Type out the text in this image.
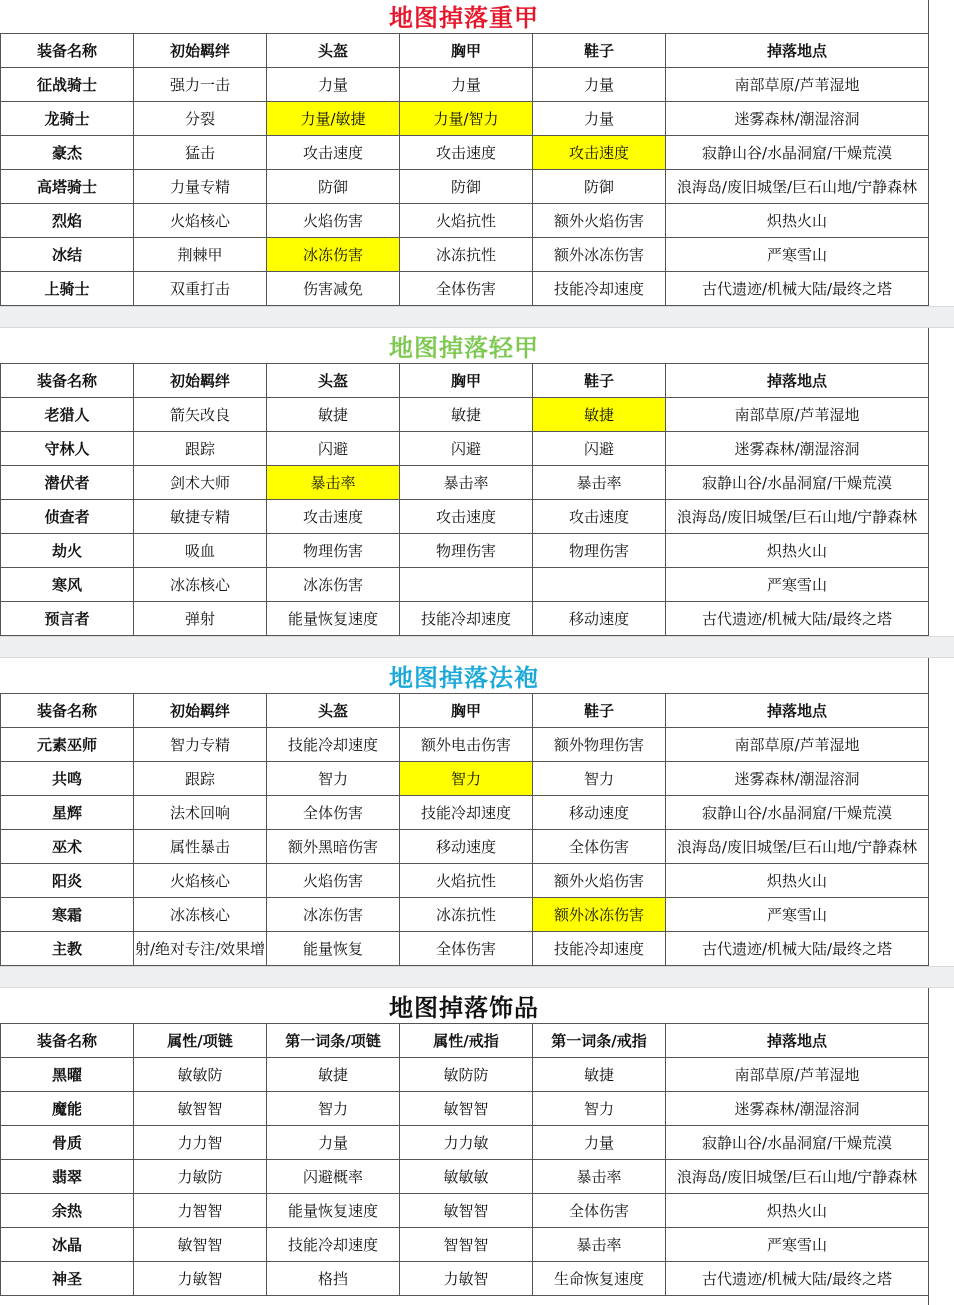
地图掉落重甲
装备名称	初始羁绊	头盔	胸甲	鞋子	掉落地点
征战骑士	强力一击	力量	力量	力量	南部草原/芦苇湿地
龙骑士	分裂	力量/敏捷	力量/智力	力量	迷雾森林/潮湿溶洞
豪杰	猛击	攻击速度	攻击速度	攻击速度	寂静山谷/水晶洞窟/干燥荒漠
高塔骑士	力量专精	防御	防御	防御	浪海岛/废旧城堡/巨石山地/宁静森林
烈焰	火焰核心	火焰伤害	火焰抗性	额外火焰伤害	炽热火山
冰结	荆棘甲	冰冻伤害	冰冻抗性	额外冰冻伤害	严寒雪山
上骑士	双重打击	伤害减免	全体伤害	技能冷却速度	古代遗迹/机械大陆/最终之塔
地图掉落轻甲
装备名称	初始羁绊	头盔	胸甲	鞋子	掉落地点
老猎人	箭矢改良	敏捷	敏捷	敏捷	南部草原/芦苇湿地
守林人	跟踪	闪避	闪避	闪避	迷雾森林/潮湿溶洞
潜伏者	剑术大师	暴击率	暴击率	暴击率	寂静山谷/水晶洞窟/干燥荒漠
侦查者	敏捷专精	攻击速度	攻击速度	攻击速度	浪海岛/废旧城堡/巨石山地/宁静森林
劫火	吸血	物理伤害	物理伤害	物理伤害	炽热火山
寒风	冰冻核心	冰冻伤害			严寒雪山
预言者	弹射	能量恢复速度	技能冷却速度	移动速度	古代遗迹/机械大陆/最终之塔
地图掉落法袍
装备名称	初始羁绊	头盔	胸甲	鞋子	掉落地点
元素巫师	智力专精	技能冷却速度	额外电击伤害	额外物理伤害	南部草原/芦苇湿地
共鸣	跟踪	智力	智力	智力	迷雾森林/潮湿溶洞
星辉	法术回响	全体伤害	技能冷却速度	移动速度	寂静山谷/水晶洞窟/干燥荒漠
巫术	属性暴击	额外黑暗伤害	移动速度	全体伤害	浪海岛/废旧城堡/巨石山地/宁静森林
阳炎	火焰核心	火焰伤害	火焰抗性	额外火焰伤害	炽热火山
寒霜	冰冻核心	冰冻伤害	冰冻抗性	额外冰冻伤害	严寒雪山
主教	射/绝对专注/效果增	能量恢复	全体伤害	技能冷却速度	古代遗迹/机械大陆/最终之塔
地图掉落饰品
装备名称	属性/项链	第一词条/项链	属性/戒指	第一词条/戒指	掉落地点
黑曜	敏敏防	敏捷	敏防防	敏捷	南部草原/芦苇湿地
魔能	敏智智	智力	敏智智	智力	迷雾森林/潮湿溶洞
骨质	力力智	力量	力力敏	力量	寂静山谷/水晶洞窟/干燥荒漠
翡翠	力敏防	闪避概率	敏敏敏	暴击率	浪海岛/废旧城堡/巨石山地/宁静森林
余热	力智智	能量恢复速度	敏智智	全体伤害	炽热火山
冰晶	敏智智	技能冷却速度	智智智	暴击率	严寒雪山
神圣	力敏智	格挡	力敏智	生命恢复速度	古代遗迹/机械大陆/最终之塔
